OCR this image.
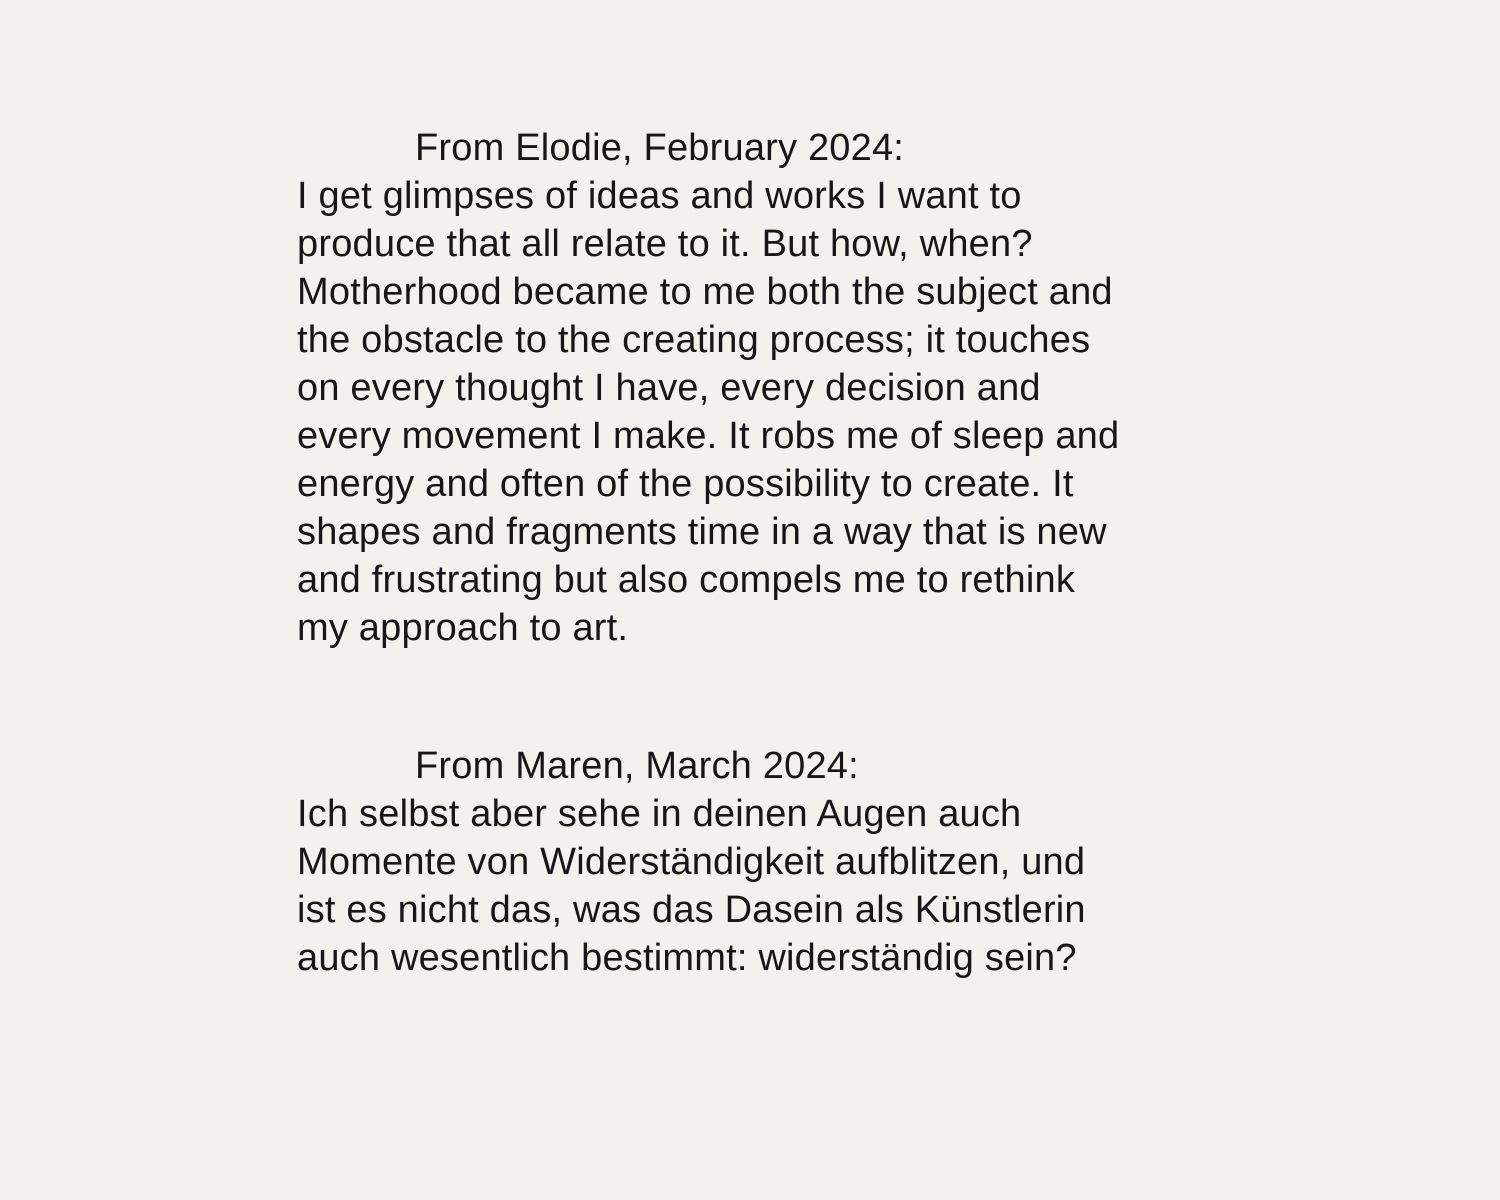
From Elodie, February 2024:
I get glimpses of ideas and works I want to
produce that all relate to it. But how, when?
Motherhood became to me both the subject and
the obstacle to the creating process; it touches
on every thought I have, every decision and
every movement I make. It robs me of sleep and
energy and often of the possibility to create. It
shapes and fragments time in a way that is new
and frustrating but also compels me to rethink
my approach to art.
From Maren, March 2024:
Ich selbst aber sehe in deinen Augen auch
Momente von Widerständigkeit aufblitzen, und
ist es nicht das, was das Dasein als Künstlerin
auch wesentlich bestimmt: widerständig sein?
